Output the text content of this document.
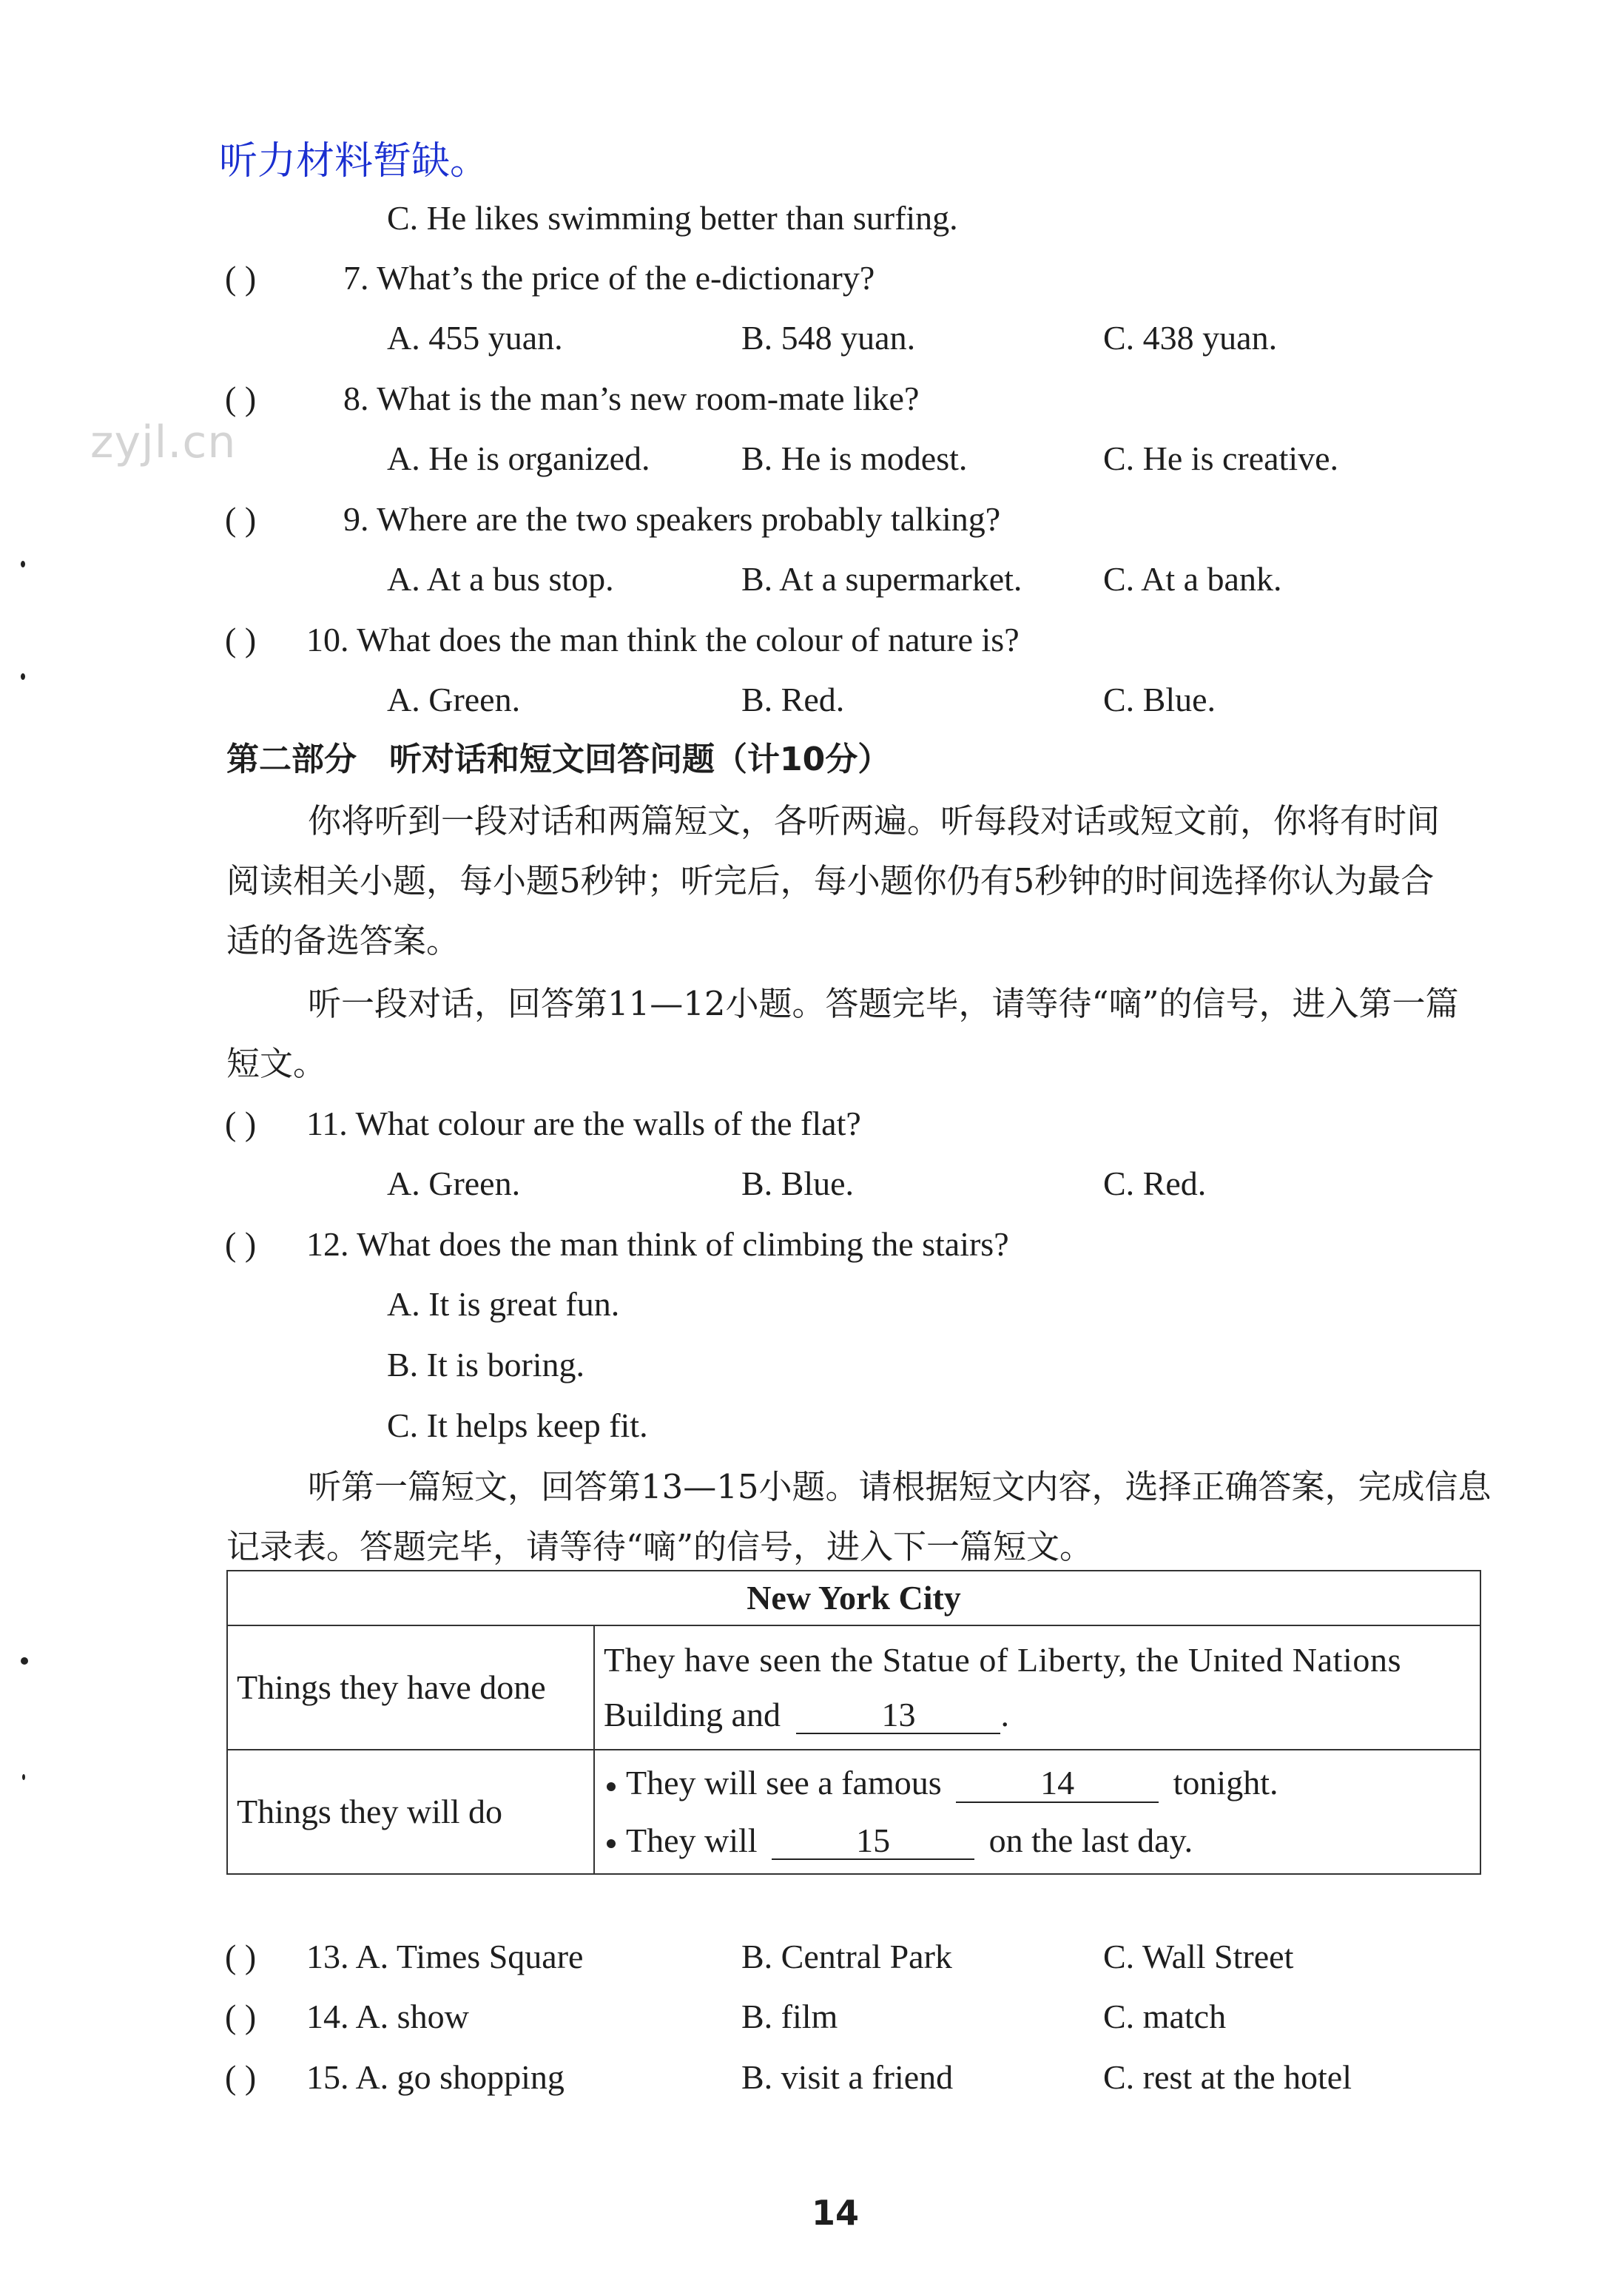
听力材料暂缺。
zyjl.cn
C. He likes swimming better than surfing.
( )	7. What’s the price of the e-dictionary?
A. 455 yuan.	B. 548 yuan.	C. 438 yuan.
( )	8. What is the man’s new room-mate like?
A. He is organized.	B. He is modest.	C. He is creative.
( )	9. Where are the two speakers probably talking?
A. At a bus stop.	B. At a supermarket. C. At a bank.
( ) 10. What does the man think the colour of nature is?
A. Green.	B. Red.	C. Blue.
第二部分　听对话和短文回答问题（计10分）
你将听到一段对话和两篇短文，各听两遍。听每段对话或短文前，你将有时间
阅读相关小题，每小题5秒钟；听完后，每小题你仍有5秒钟的时间选择你认为最合
适的备选答案。
听一段对话，回答第11—12小题。答题完毕，请等待“嘀”的信号，进入第一篇
短文。
( ) 11. What colour are the walls of the flat?
A. Green.	B. Blue.	C. Red.
( ) 12. What does the man think of climbing the stairs?
A. It is great fun.
B. It is boring.
C. It helps keep fit.
听第一篇短文，回答第13—15小题。请根据短文内容，选择正确答案，完成信息
记录表。答题完毕，请等待“嘀”的信号，进入下一篇短文。
New York City	
Things they have done	They have seen the Statue of Liberty, the United Nations
Building and 13 .

Things they will do	They will see a famous 14 tonight.
They will 15 on the last day.
( ) 13. A. Times Square	B. Central Park	C. Wall Street
( ) 14. A. show	B. film	C. match
( ) 15. A. go shopping	B. visit a friend	C. rest at the hotel
14
